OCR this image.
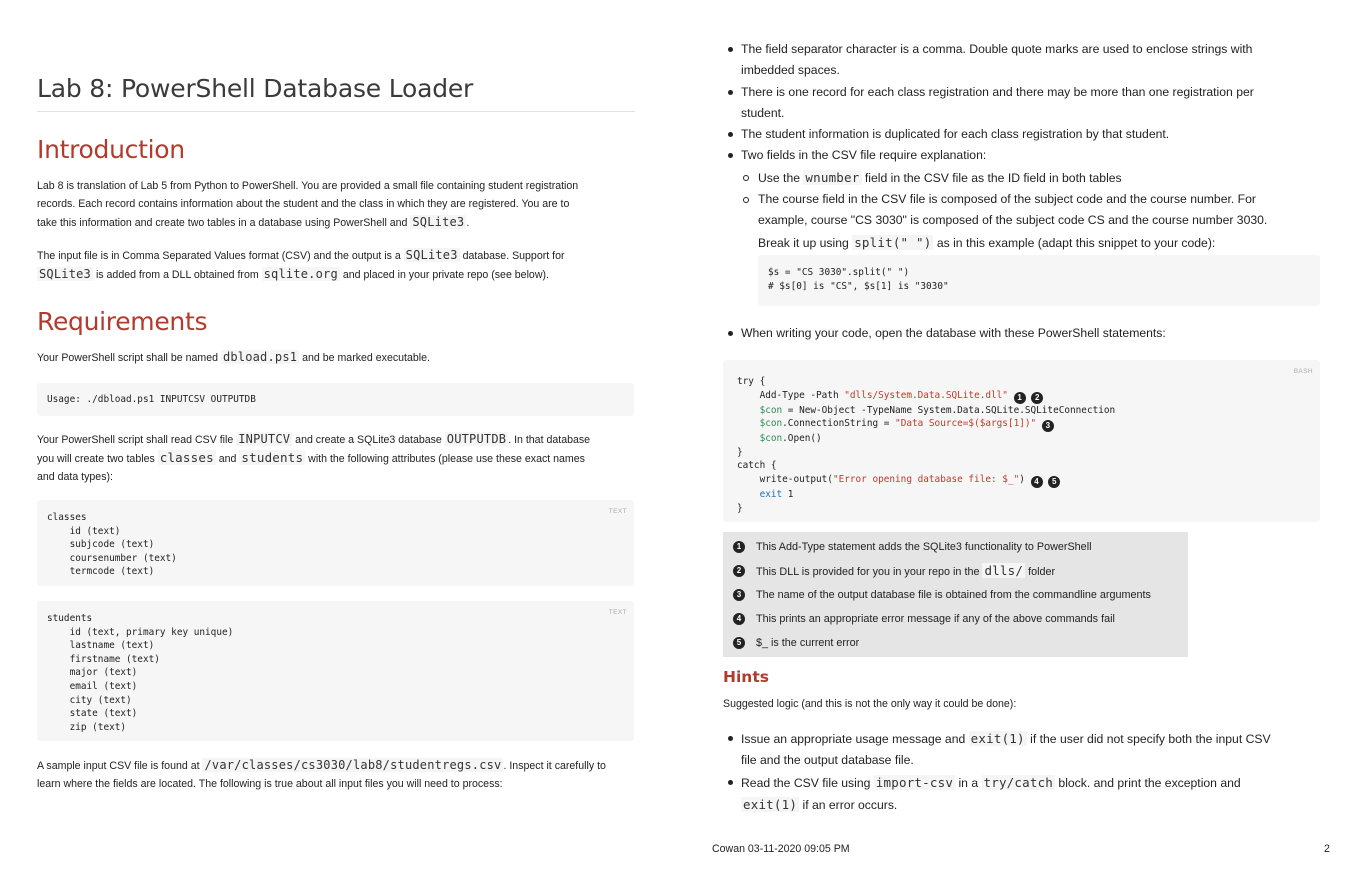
Lab 8: PowerShell Database Loader
Introduction
Lab 8 is translation of Lab 5 from Python to PowerShell. You are provided a small file containing student registration
records. Each record contains information about the student and the class in which they are registered. You are to
take this information and create two tables in a database using PowerShell and SQLite3 .
The input file is in Comma Separated Values format (CSV) and the output is a SQLite3 database. Support for
SQLite3 is added from a DLL obtained from sqlite.org and placed in your private repo (see below).
Requirements
Your PowerShell script shall be named dbload.ps1 and be marked executable.
Usage: ./dbload.ps1 INPUTCSV OUTPUTDB
Your PowerShell script shall read CSV file INPUTCV and create a SQLite3 database OUTPUTDB . In that database
you will create two tables classes and students with the following attributes (please use these exact names
and data types):
TEXT
classes
id (text)
subjcode (text)
coursenumber (text)
termcode (text)
TEXT
students
id (text, primary key unique)
lastname (text)
firstname (text)
major (text)
email (text)
city (text)
state (text)
zip (text)
A sample input CSV file is found at /var/classes/cs3030/lab8/studentregs.csv . Inspect it carefully to
learn where the fields are located. The following is true about all input files you will need to process:
The field separator character is a comma. Double quote marks are used to enclose strings with
imbedded spaces.
There is one record for each class registration and there may be more than one registration per
student.
The student information is duplicated for each class registration by that student.
Two fields in the CSV file require explanation:
Use the wnumber field in the CSV file as the ID field in both tables
The course field in the CSV file is composed of the subject code and the course number. For
example, course "CS 3030" is composed of the subject code CS and the course number 3030.
Break it up using split(" ") as in this example (adapt this snippet to your code):
$s = "CS 3030".split(" ")
# $s[0] is "CS", $s[1] is "3030"
When writing your code, open the database with these PowerShell statements:
BASH
try {
Add-Type -Path "dlls/System.Data.SQLite.dll" 1 2
$con = New-Object -TypeName System.Data.SQLite.SQLiteConnection
$con.ConnectionString = "Data Source=$($args[1])" 3
$con.Open()
}
catch {
write-output("Error opening database file: $_") 4 5
exit 1
}
1	This Add-Type statement adds the SQLite3 functionality to PowerShell
2	This DLL is provided for you in your repo in the dlls/ folder
3	The name of the output database file is obtained from the commandline arguments
4	This prints an appropriate error message if any of the above commands fail
5	$_ is the current error
Hints
Suggested logic (and this is not the only way it could be done):
Issue an appropriate usage message and exit(1) if the user did not specify both the input CSV
file and the output database file.
Read the CSV file using import-csv in a try/catch block. and print the exception and
exit(1) if an error occurs.
Cowan 03-11-2020 09:05 PM	2
